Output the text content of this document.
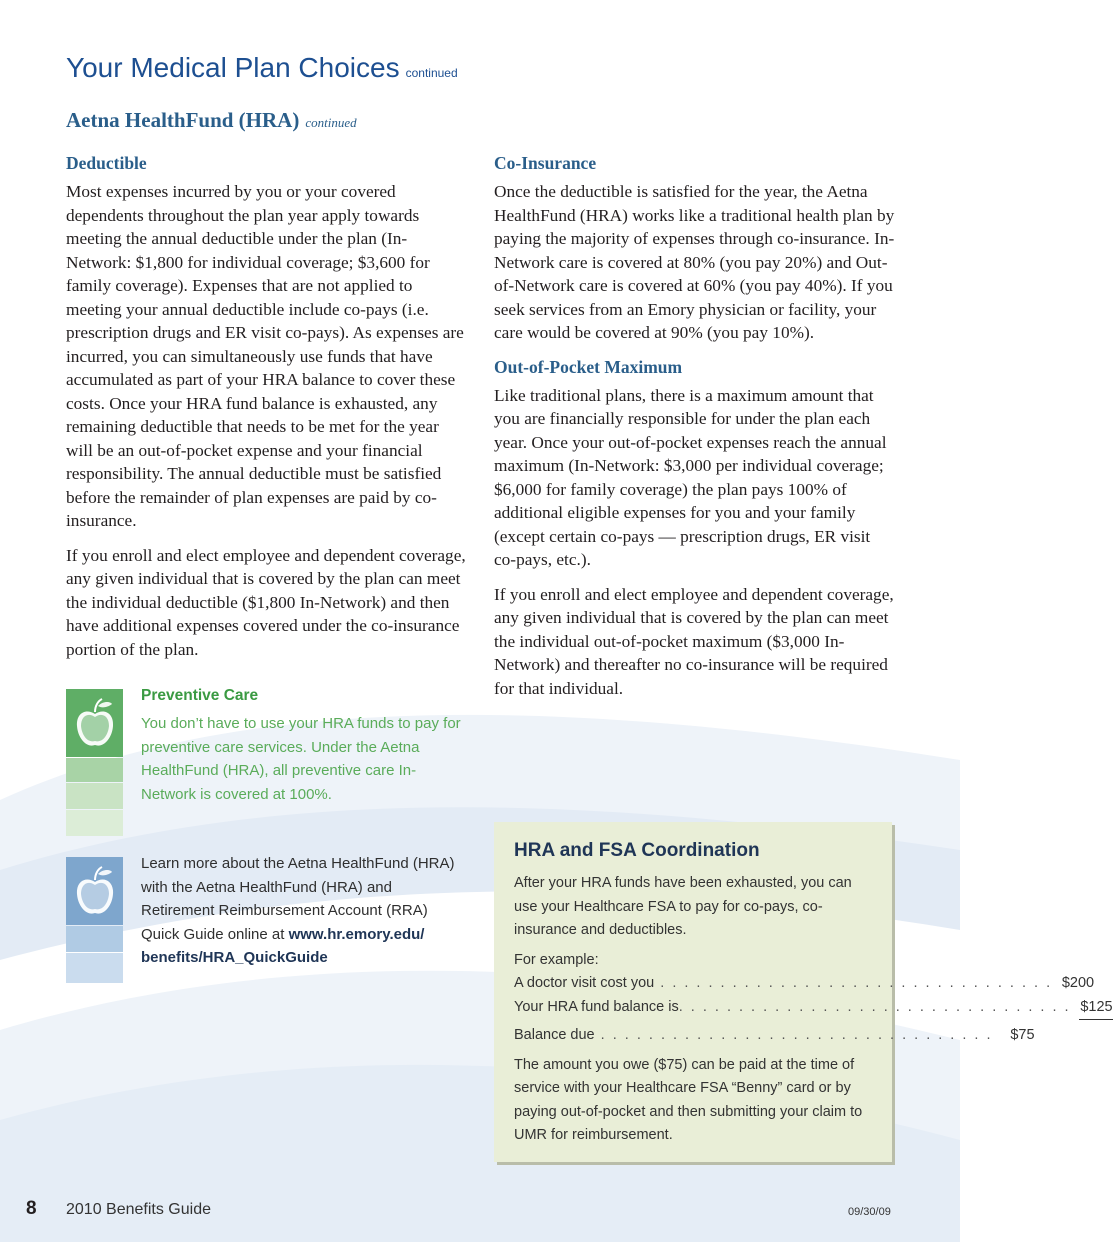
Your Medical Plan Choices continued
Aetna HealthFund (HRA) continued
Deductible

Most expenses incurred by you or your covered dependents throughout the plan year apply towards meeting the annual deductible under the plan (In-Network: $1,800 for individual coverage; $3,600 for family coverage). Expenses that are not applied to meeting your annual deductible include co-pays (i.e. prescription drugs and ER visit co-pays). As expenses are incurred, you can simultaneously use funds that have accumulated as part of your HRA balance to cover these costs. Once your HRA fund balance is exhausted, any remaining deductible that needs to be met for the year will be an out-of-pocket expense and your financial responsibility. The annual deductible must be satisfied before the remainder of plan expenses are paid by co-insurance.

If you enroll and elect employee and dependent coverage, any given individual that is covered by the plan can meet the individual deductible ($1,800 In-Network) and then have additional expenses covered under the co-insurance portion of the plan.

Co-Insurance

Once the deductible is satisfied for the year, the Aetna HealthFund (HRA) works like a traditional health plan by paying the majority of expenses through co-insurance. In-Network care is covered at 80% (you pay 20%) and Out-of-Network care is covered at 60% (you pay 40%). If you seek services from an Emory physician or facility, your care would be covered at 90% (you pay 10%).

Out-of-Pocket Maximum

Like traditional plans, there is a maximum amount that you are financially responsible for under the plan each year. Once your out-of-pocket expenses reach the annual maximum (In-Network: $3,000 per individual coverage; $6,000 for family coverage) the plan pays 100% of additional eligible expenses for you and your family (except certain co-pays — prescription drugs, ER visit co-pays, etc.).

If you enroll and elect employee and dependent coverage, any given individual that is covered by the plan can meet the individual out-of-pocket maximum ($3,000 In-Network) and thereafter no co-insurance will be required for that individual.

Preventive Care
You don’t have to use your HRA funds to pay for preventive care services. Under the Aetna HealthFund (HRA), all preventive care In-Network is covered at 100%.
Learn more about the Aetna HealthFund (HRA) with the Aetna HealthFund (HRA) and Retirement Reimbursement Account (RRA) Quick Guide online at www.hr.emory.edu/ benefits/HRA_QuickGuide
HRA and FSA Coordination
After your HRA funds have been exhausted, you can use your Healthcare FSA to pay for co-pays, co-insurance and deductibles.
For example:
A doctor visit cost you . . . . . . . . . . . . . . . . . . . . . . . . . . . . . . . . . $200
Your HRA fund balance is . . . . . . . . . . . . . . . . . . . . . . . . . . . . . . . . . $125
Balance due . . . . . . . . . . . . . . . . . . . . . . . . . . . . . . . . .	$75
The amount you owe ($75) can be paid at the time of service with your Healthcare FSA “Benny” card or by paying out-of-pocket and then submitting your claim to UMR for reimbursement.
8 2010 Benefits Guide	09/30/09
